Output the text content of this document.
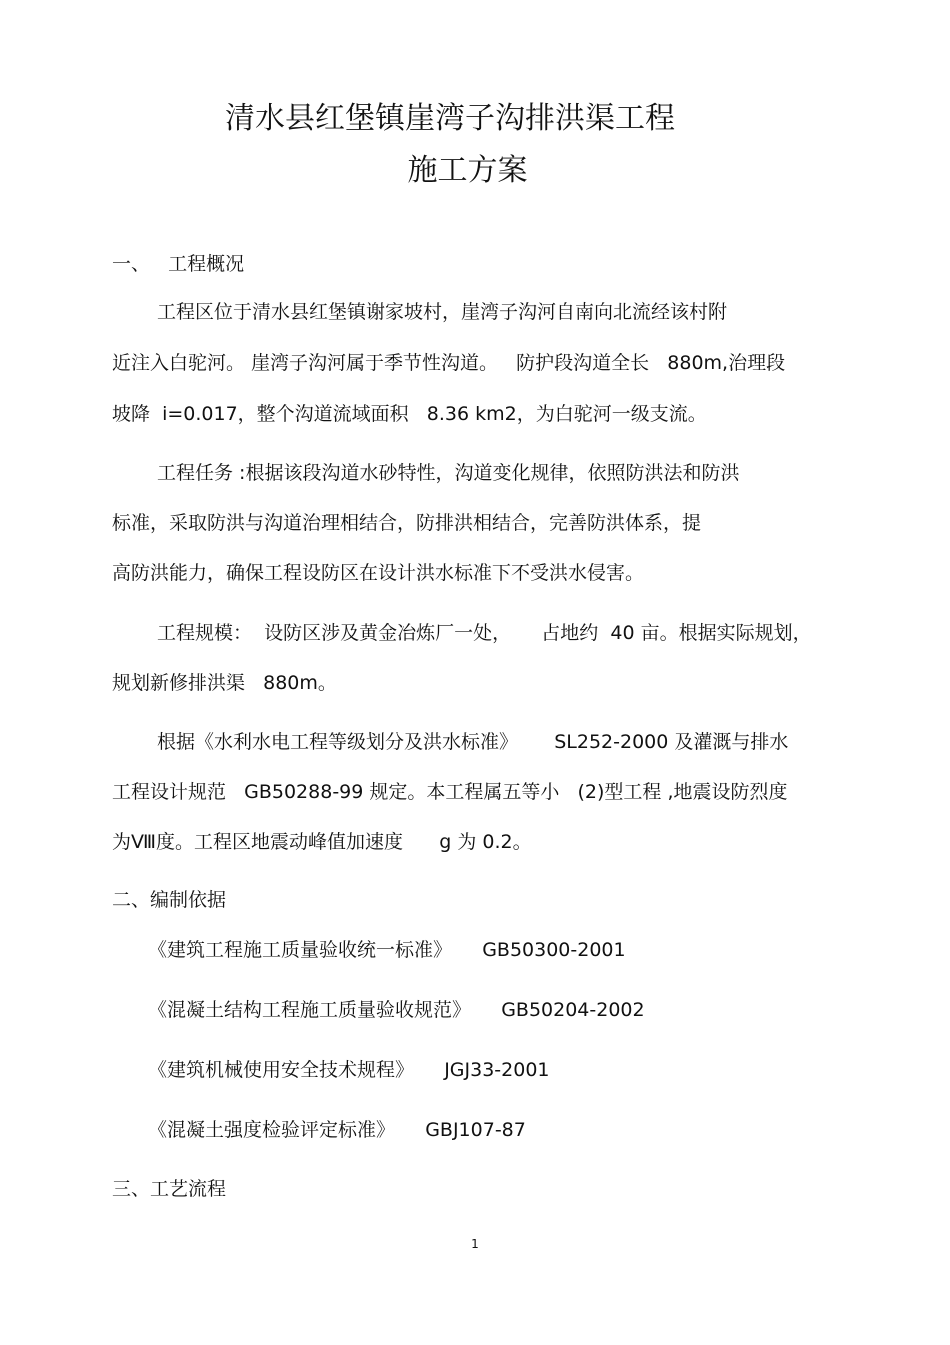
清水县红堡镇崖湾子沟排洪渠工程
施工方案

一、   工程概况

工程区位于清水县红堡镇谢家坡村，崖湾子沟河自南向北流经该村附

近注入白驼河。 崖湾子沟河属于季节性沟道。   防护段沟道全长   880m,治理段

坡降  i=0.017，整个沟道流域面积   8.36 km2，为白驼河一级支流。

工程任务 :根据该段沟道水砂特性，沟道变化规律，依照防洪法和防洪

标准，采取防洪与沟道治理相结合，防排洪相结合，完善防洪体系，提

高防洪能力，确保工程设防区在设计洪水标准下不受洪水侵害。

工程规模：  设防区涉及黄金冶炼厂一处，     占地约  40 亩。根据实际规划，

规划新修排洪渠   880m。

根据《水利水电工程等级划分及洪水标准》      SL252-2000 及灌溉与排水

工程设计规范   GB50288-99 规定。本工程属五等小   (2)型工程 ,地震设防烈度

为Ⅷ度。工程区地震动峰值加速度      g 为 0.2。

二、编制依据

《建筑工程施工质量验收统一标准》     GB50300-2001

《混凝土结构工程施工质量验收规范》     GB50204-2002

《建筑机械使用安全技术规程》     JGJ33-2001

《混凝土强度检验评定标准》     GBJ107-87

三、工艺流程

1
